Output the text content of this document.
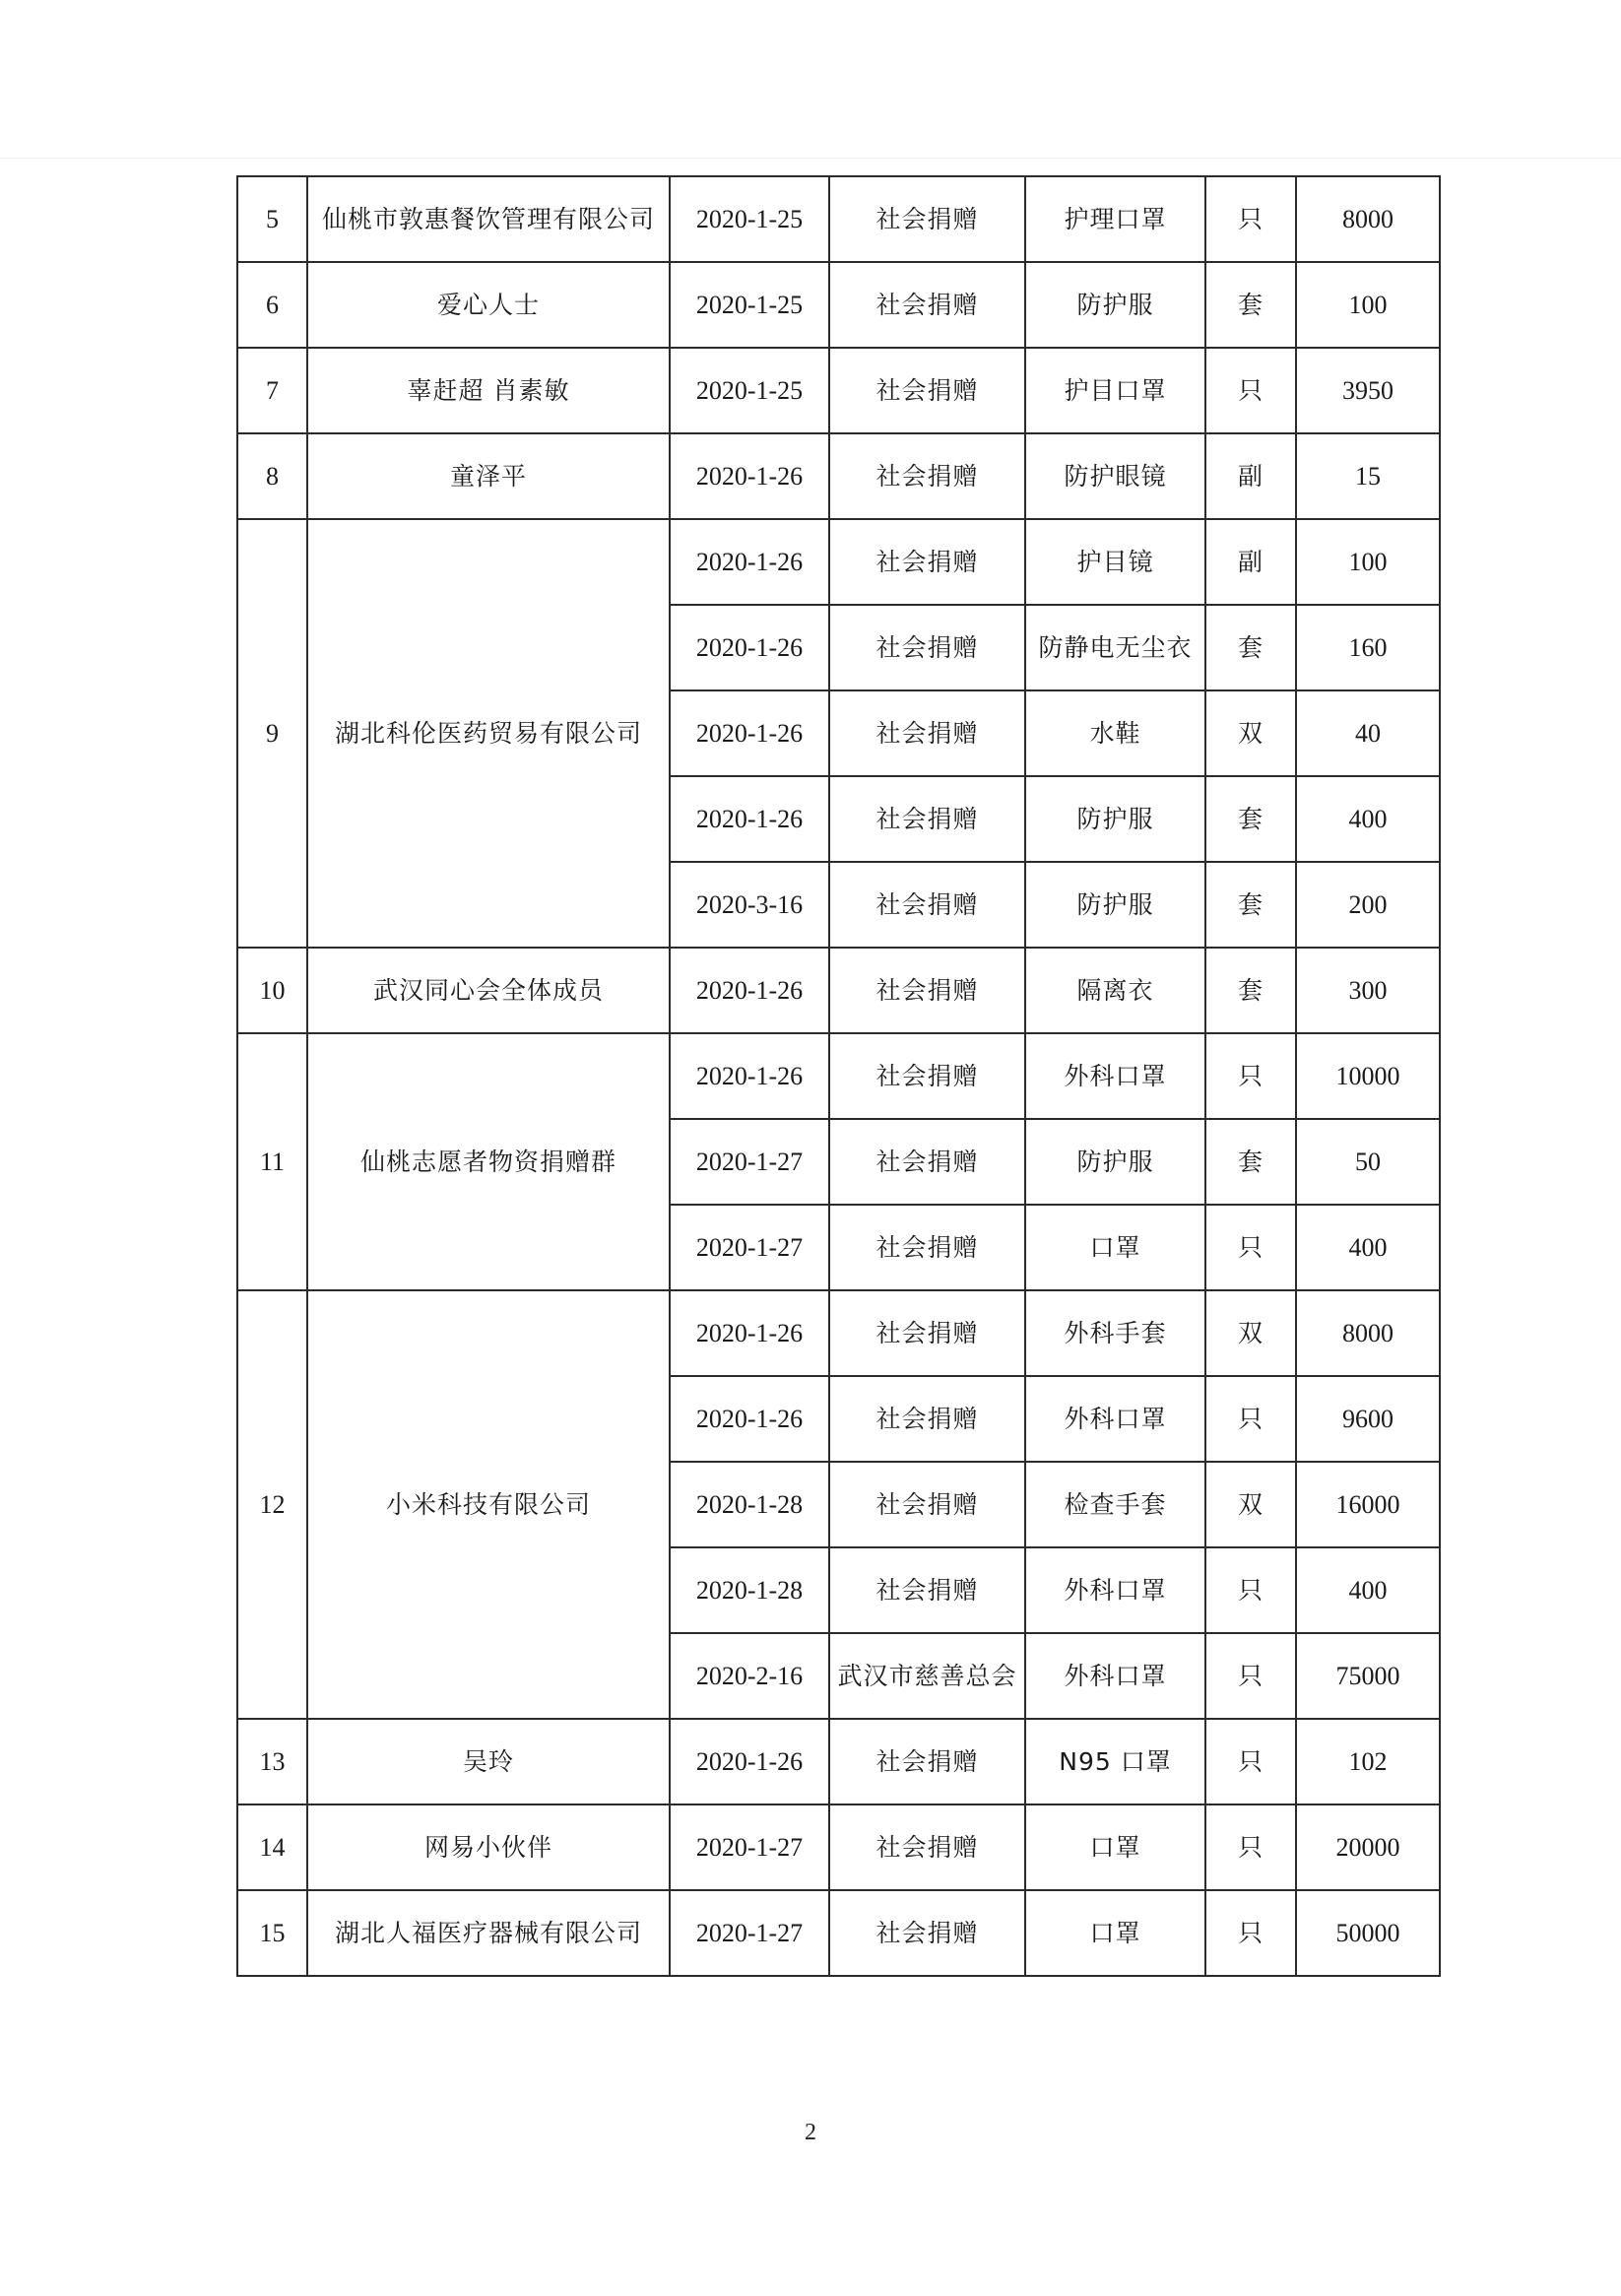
5	仙桃市敦惠餐饮管理有限公司	2020-1-25	社会捐赠	护理口罩	只	8000
6	爱心人士	2020-1-25	社会捐赠	防护服	套	100
7	辜赶超 肖素敏	2020-1-25	社会捐赠	护目口罩	只	3950
8	童泽平	2020-1-26	社会捐赠	防护眼镜	副	15
9	湖北科伦医药贸易有限公司	2020-1-26	社会捐赠	护目镜	副	100
		2020-1-26	社会捐赠	防静电无尘衣	套	160
		2020-1-26	社会捐赠	水鞋	双	40
		2020-1-26	社会捐赠	防护服	套	400
		2020-3-16	社会捐赠	防护服	套	200
10	武汉同心会全体成员	2020-1-26	社会捐赠	隔离衣	套	300
11	仙桃志愿者物资捐赠群	2020-1-26	社会捐赠	外科口罩	只	10000
		2020-1-27	社会捐赠	防护服	套	50
		2020-1-27	社会捐赠	口罩	只	400
12	小米科技有限公司	2020-1-26	社会捐赠	外科手套	双	8000
		2020-1-26	社会捐赠	外科口罩	只	9600
		2020-1-28	社会捐赠	检查手套	双	16000
		2020-1-28	社会捐赠	外科口罩	只	400
		2020-2-16	武汉市慈善总会	外科口罩	只	75000
13	吴玲	2020-1-26	社会捐赠	N95 口罩	只	102
14	网易小伙伴	2020-1-27	社会捐赠	口罩	只	20000
15	湖北人福医疗器械有限公司	2020-1-27	社会捐赠	口罩	只	50000
2
